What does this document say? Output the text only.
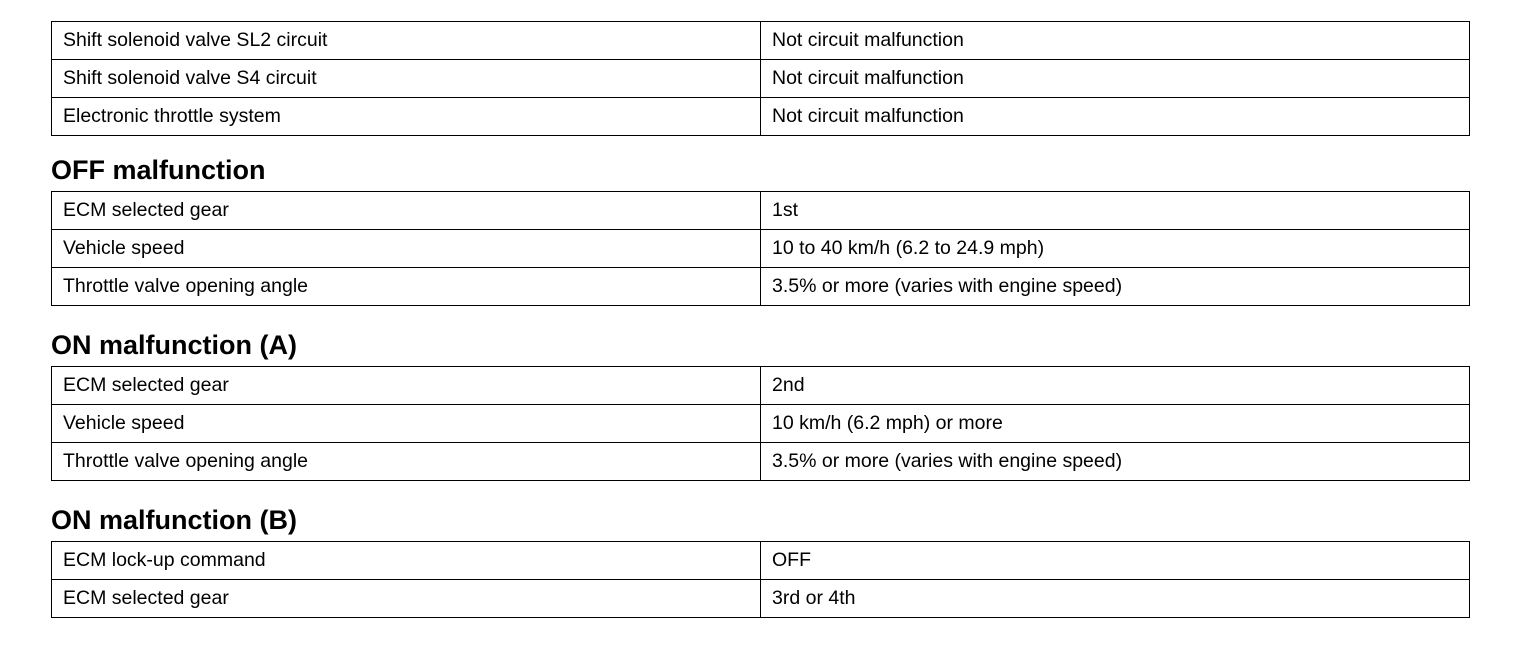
Shift solenoid valve SL2 circuit	Not circuit malfunction
Shift solenoid valve S4 circuit	Not circuit malfunction
Electronic throttle system	Not circuit malfunction
OFF malfunction
ECM selected gear	1st
Vehicle speed	10 to 40 km/h (6.2 to 24.9 mph)
Throttle valve opening angle	3.5% or more (varies with engine speed)
ON malfunction (A)
ECM selected gear	2nd
Vehicle speed	10 km/h (6.2 mph) or more
Throttle valve opening angle	3.5% or more (varies with engine speed)
ON malfunction (B)
ECM lock-up command	OFF
ECM selected gear	3rd or 4th
